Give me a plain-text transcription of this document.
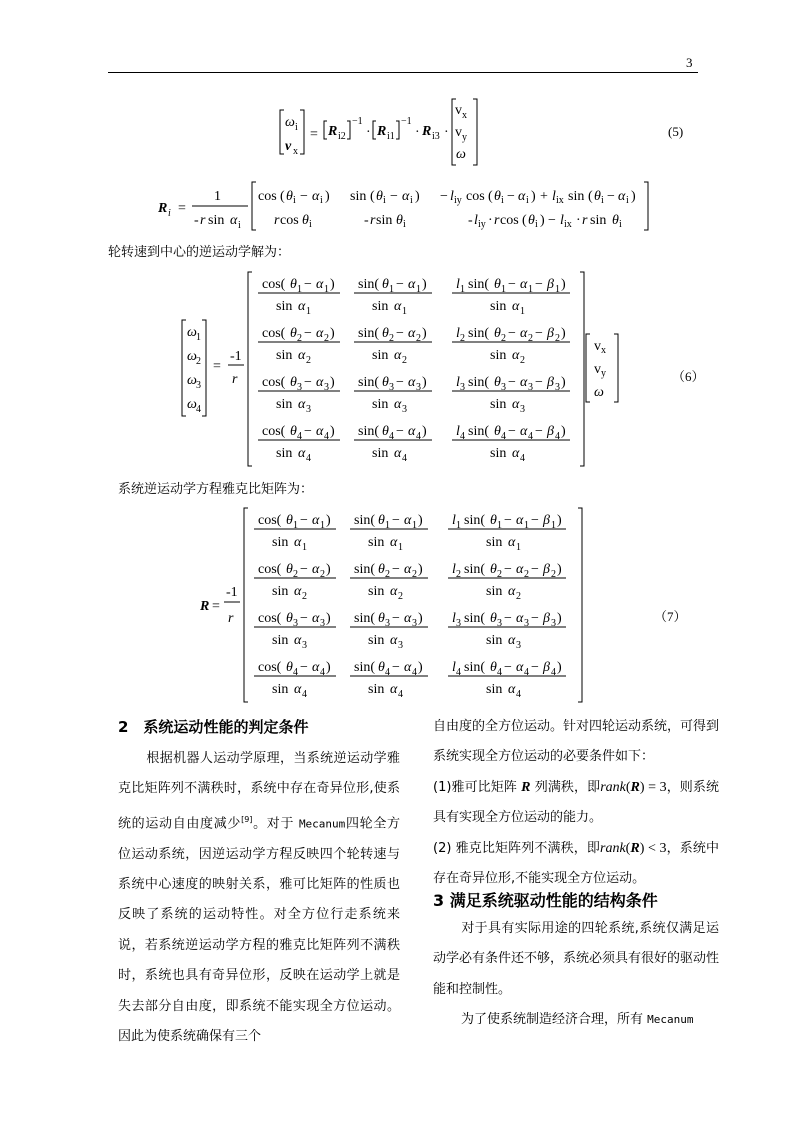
3
ω i
v x
= R i2
−1
· R i1
−1
· R i3 ·
v x
v y
ω
(5)
R i =
1
- r sin α i
cos ( θ i − α i ) sin ( θ i − α i ) − l iy cos ( θ i − α i ) + l ix sin ( θ i − α i )
r cos θ i	- r sin θ i	- l iy · r cos ( θ i ) − l ix · r sin θ i
轮转速到中心的逆运动学解为：
ω 1
ω 2
ω 3
ω 4
=
-1
r
cos( θ 1 − α 1 )
sin α 1
sin( θ 1 − α 1 )
sin α 1
l 1 sin( θ 1 − α 1 − β 1 )
sin α 1
cos( θ 2 − α 2 )
sin α 2
sin( θ 2 − α 2 )
sin α 2
l 2 sin( θ 2 − α 2 − β 2 )
sin α 2
cos( θ 3 − α 3 )
sin α 3
sin( θ 3 − α 3 )
sin α 3
l 3 sin( θ 3 − α 3 − β 3 )
sin α 3
cos( θ 4 − α 4 )
sin α 4
sin( θ 4 − α 4 )
sin α 4
l 4 sin( θ 4 − α 4 − β 4 )
sin α 4
v x
v y
ω
（6）
系统逆运动学方程雅克比矩阵为：
R =
-1
r
cos( θ 1 − α 1 )
sin α 1
sin( θ 1 − α 1 )
sin α 1
l 1 sin( θ 1 − α 1 − β 1 )
sin α 1
cos( θ 2 − α 2 )
sin α 2
sin( θ 2 − α 2 )
sin α 2
l 2 sin( θ 2 − α 2 − β 2 )
sin α 2
cos( θ 3 − α 3 )
sin α 3
sin( θ 3 − α 3 )
sin α 3
l 3 sin( θ 3 − α 3 − β 3 )
sin α 3
cos( θ 4 − α 4 )
sin α 4
sin( θ 4 − α 4 )
sin α 4
l 4 sin( θ 4 − α 4 − β 4 )
sin α 4
（7）
2　系统运动性能的判定条件
根据机器人运动学原理，当系统逆运动学雅克比矩阵列不满秩时，系统中存在奇异位形,使系统的运动自由度减少[9]。对于 Mecanum四轮全方位运动系统，因逆运动学方程反映四个轮转速与系统中心速度的映射关系，雅可比矩阵的性质也反映了系统的运动特性。对全方位行走系统来说，若系统逆运动学方程的雅克比矩阵列不满秩时，系统也具有奇异位形，反映在运动学上就是失去部分自由度，即系统不能实现全方位运动。因此为使系统确保有三个
自由度的全方位运动。针对四轮运动系统，可得到系统实现全方位运动的必要条件如下：
(1)雅可比矩阵 R 列满秩，即rank(R) = 3，则系统具有实现全方位运动的能力。
(2) 雅克比矩阵列不满秩，即rank(R) < 3，系统中存在奇异位形,不能实现全方位运动。
3 满足系统驱动性能的结构条件
对于具有实际用途的四轮系统,系统仅满足运动学必有条件还不够，系统必须具有很好的驱动性能和控制性。
为了使系统制造经济合理，所有 Mecanum
